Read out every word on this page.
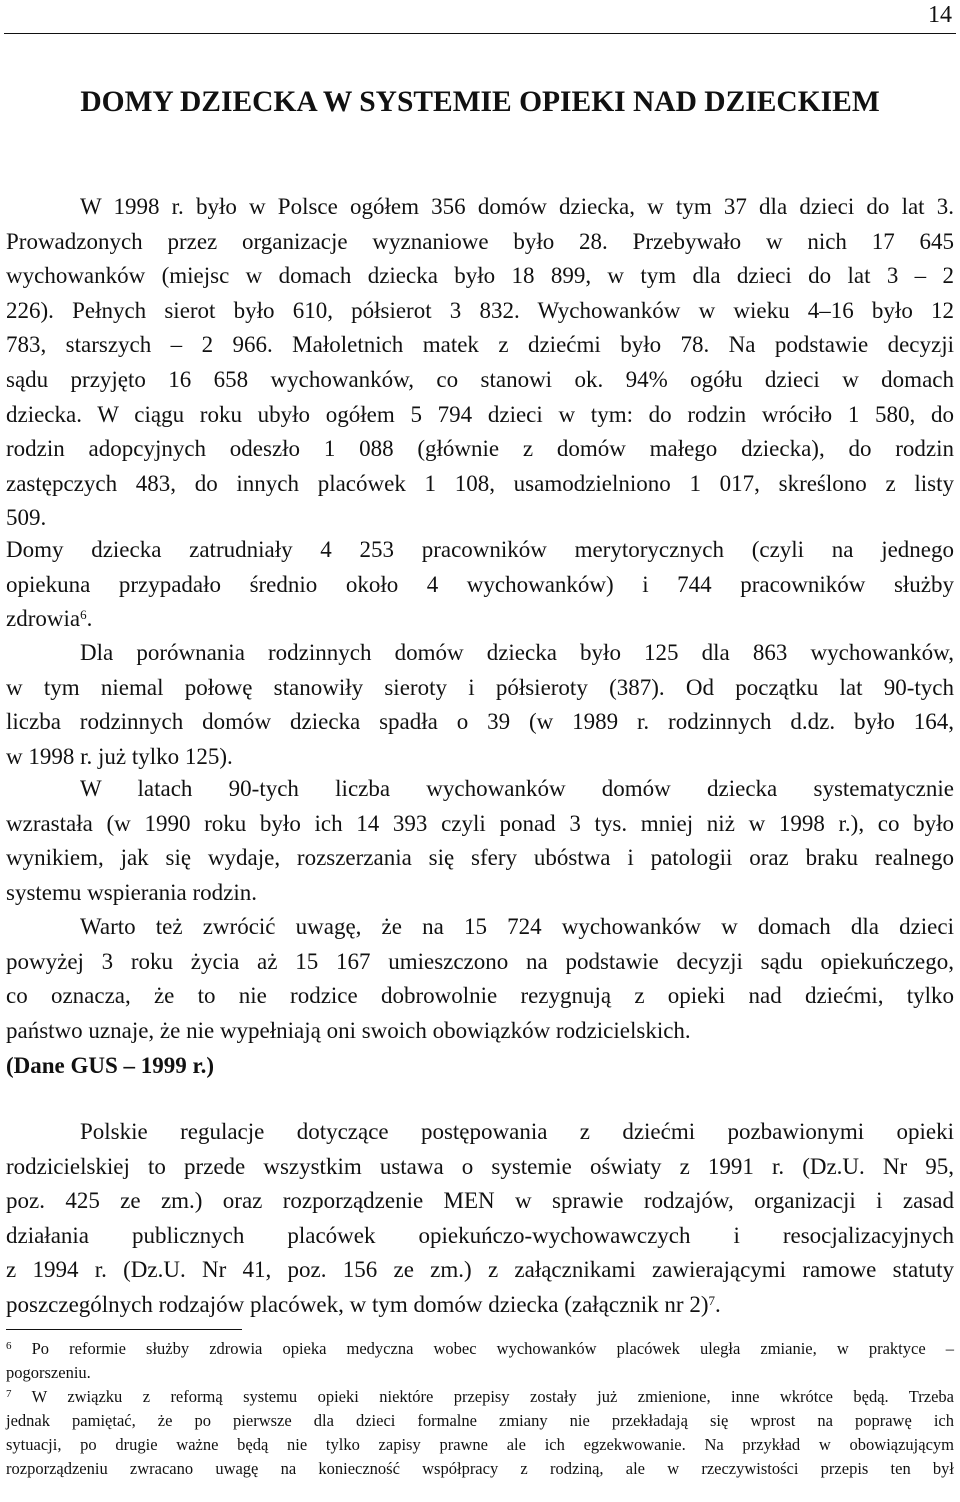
14
DOMY DZIECKA W SYSTEMIE OPIEKI NAD DZIECKIEM

W 1998 r. było w Polsce ogółem 356 domów dziecka, w tym 37 dla dzieci do lat 3.
Prowadzonych przez organizacje wyznaniowe było 28. Przebywało w nich 17 645
wychowanków (miejsc w domach dziecka było 18 899, w tym dla dzieci do lat 3 – 2
226). Pełnych sierot było 610, półsierot 3 832. Wychowanków w wieku 4–16 było 12
783, starszych – 2 966. Małoletnich matek z dziećmi było 78. Na podstawie decyzji
sądu przyjęto 16 658 wychowanków, co stanowi ok. 94% ogółu dzieci w domach
dziecka. W ciągu roku ubyło ogółem 5 794 dzieci w tym: do rodzin wróciło 1 580, do
rodzin adopcyjnych odeszło 1 088 (głównie z domów małego dziecka), do rodzin
zastępczych 483, do innych placówek 1 108, usamodzielniono 1 017, skreślono z listy
509.

Domy dziecka zatrudniały 4 253 pracowników merytorycznych (czyli na jednego
opiekuna przypadało średnio około 4 wychowanków) i 744 pracowników służby
zdrowia$^6$.

Dla porównania rodzinnych domów dziecka było 125 dla 863 wychowanków,
w tym niemal połowę stanowiły sieroty i półsieroty (387). Od początku lat 90-tych
liczba rodzinnych domów dziecka spadła o 39 (w 1989 r. rodzinnych d.dz. było 164,
w 1998 r. już tylko 125).

W latach 90-tych liczba wychowanków domów dziecka systematycznie
wzrastała (w 1990 roku było ich 14 393 czyli ponad 3 tys. mniej niż w 1998 r.), co było
wynikiem, jak się wydaje, rozszerzania się sfery ubóstwa i patologii oraz braku realnego
systemu wspierania rodzin.

Warto też zwrócić uwagę, że na 15 724 wychowanków w domach dla dzieci
powyżej 3 roku życia aż 15 167 umieszczono na podstawie decyzji sądu opiekuńczego,
co oznacza, że to nie rodzice dobrowolnie rezygnują z opieki nad dziećmi, tylko
państwo uznaje, że nie wypełniają oni swoich obowiązków rodzicielskich.

(Dane GUS – 1999 r.)

Polskie regulacje dotyczące postępowania z dziećmi pozbawionymi opieki
rodzicielskiej to przede wszystkim ustawa o systemie oświaty z 1991 r. (Dz.U. Nr 95,
poz. 425 ze zm.) oraz rozporządzenie MEN w sprawie rodzajów, organizacji i zasad
działania publicznych placówek opiekuńczo-wychowawczych i resocjalizacyjnych
z 1994 r. (Dz.U. Nr 41, poz. 156 ze zm.) z załącznikami zawierającymi ramowe statuty
poszczególnych rodzajów placówek, w tym domów dziecka (załącznik nr 2)$^7$.

$^6$ Po reformie służby zdrowia opieka medyczna wobec wychowanków placówek uległa zmianie, w praktyce –
pogorszeniu.

$^7$ W związku z reformą systemu opieki niektóre przepisy zostały już zmienione, inne wkrótce będą. Trzeba
jednak pamiętać, że po pierwsze dla dzieci formalne zmiany nie przekładają się wprost na poprawę ich
sytuacji, po drugie ważne będą nie tylko zapisy prawne ale ich egzekwowanie. Na przykład w obowiązującym
rozporządzeniu zwracano uwagę na konieczność współpracy z rodziną, ale w rzeczywistości przepis ten był
